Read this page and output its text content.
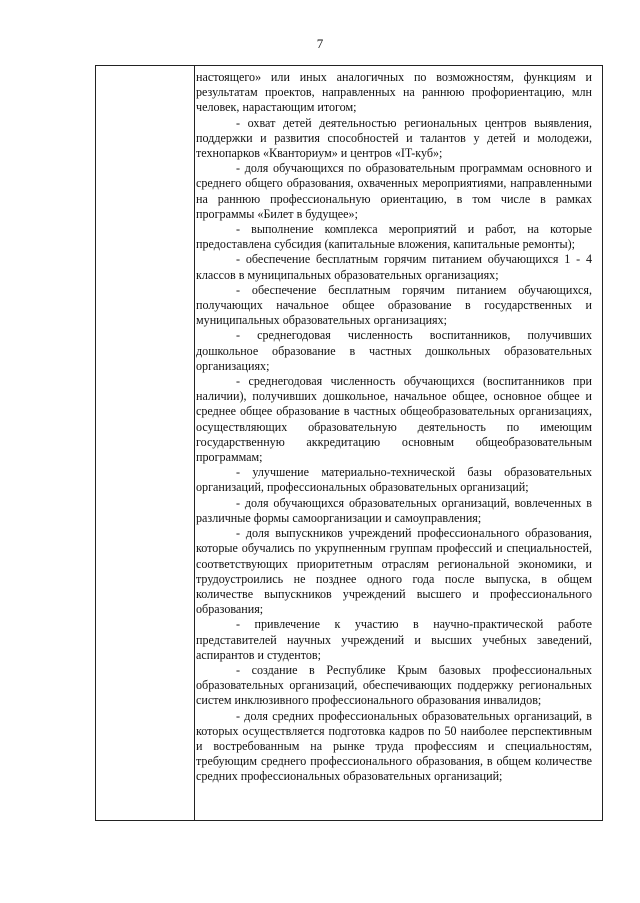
7

настоящего» или иных аналогичных по возможностям, функциям и результатам проектов, направленных на раннюю профориентацию, млн человек, нарастающим итогом;

- охват детей деятельностью региональных центров выявления, поддержки и развития способностей и талантов у детей и молодежи, технопарков «Кванториум» и центров «IT-куб»;

- доля обучающихся по образовательным программам основного и среднего общего образования, охваченных мероприятиями, направленными на раннюю профессиональную ориентацию, в том числе в рамках программы «Билет в будущее»;

- выполнение комплекса мероприятий и работ, на которые предоставлена субсидия (капитальные вложения, капитальные ремонты);

- обеспечение бесплатным горячим питанием обучающихся 1 - 4 классов в муниципальных образовательных организациях;

- обеспечение бесплатным горячим питанием обучающихся, получающих начальное общее образование в государственных и муниципальных образовательных организациях;

- среднегодовая численность воспитанников, получивших дошкольное образование в частных дошкольных образовательных организациях;

- среднегодовая численность обучающихся (воспитанников при наличии), получивших дошкольное, начальное общее, основное общее и среднее общее образование в частных общеобразовательных организациях, осуществляющих образовательную деятельность по имеющим государственную аккредитацию основным общеобразовательным программам;

- улучшение материально-технической базы образовательных организаций, профессиональных образовательных организаций;

- доля обучающихся образовательных организаций, вовлеченных в различные формы самоорганизации и самоуправления;

- доля выпускников учреждений профессионального образования, которые обучались по укрупненным группам профессий и специальностей, соответствующих приоритетным отраслям региональной экономики, и трудоустроились не позднее одного года после выпуска, в общем количестве выпускников учреждений высшего и профессионального образования;

- привлечение к участию в научно-практической работе представителей научных учреждений и высших учебных заведений, аспирантов и студентов;

- создание в Республике Крым базовых профессиональных образовательных организаций, обеспечивающих поддержку региональных систем инклюзивного профессионального образования инвалидов;

- доля средних профессиональных образовательных организаций, в которых осуществляется подготовка кадров по 50 наиболее перспективным и востребованным на рынке труда профессиям и специальностям, требующим среднего профессионального образования, в общем количестве средних профессиональных образовательных организаций;
